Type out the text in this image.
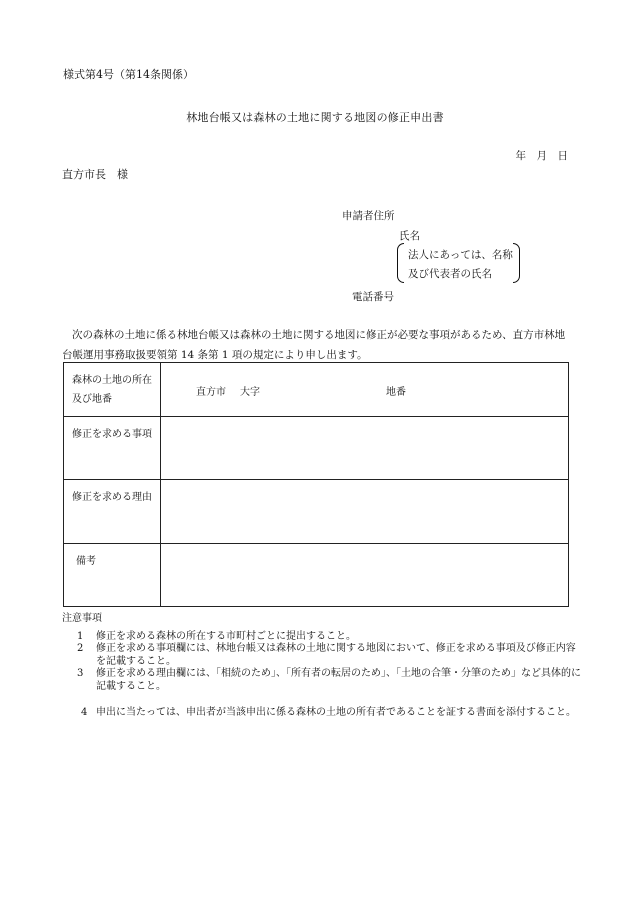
様式第4号（第14条関係）
林地台帳又は森林の土地に関する地図の修正申出書
年　月　日
直方市長　様
申請者住所
氏名
法人にあっては、名称
及び代表者の氏名
電話番号
次の森林の土地に係る林地台帳又は森林の土地に関する地図に修正が必要な事項があるため、直方市林地台帳運用事務取扱要領第 14 条第 1 項の規定により申し出ます。
森林の土地の所在及び地番	直方市 大字 地番

修正を求める事項	
修正を求める理由	
備考	
注意事項

1 修正を求める森林の所在する市町村ごとに提出すること。

2 修正を求める事項欄には、林地台帳又は森林の土地に関する地図において、修正を求める事項及び修正内容を記載すること。

3 修正を求める理由欄には、「相続のため」、「所有者の転居のため」、「土地の合筆・分筆のため」など具体的に記載すること。

4 申出に当たっては、申出者が当該申出に係る森林の土地の所有者であることを証する書面を添付すること。
